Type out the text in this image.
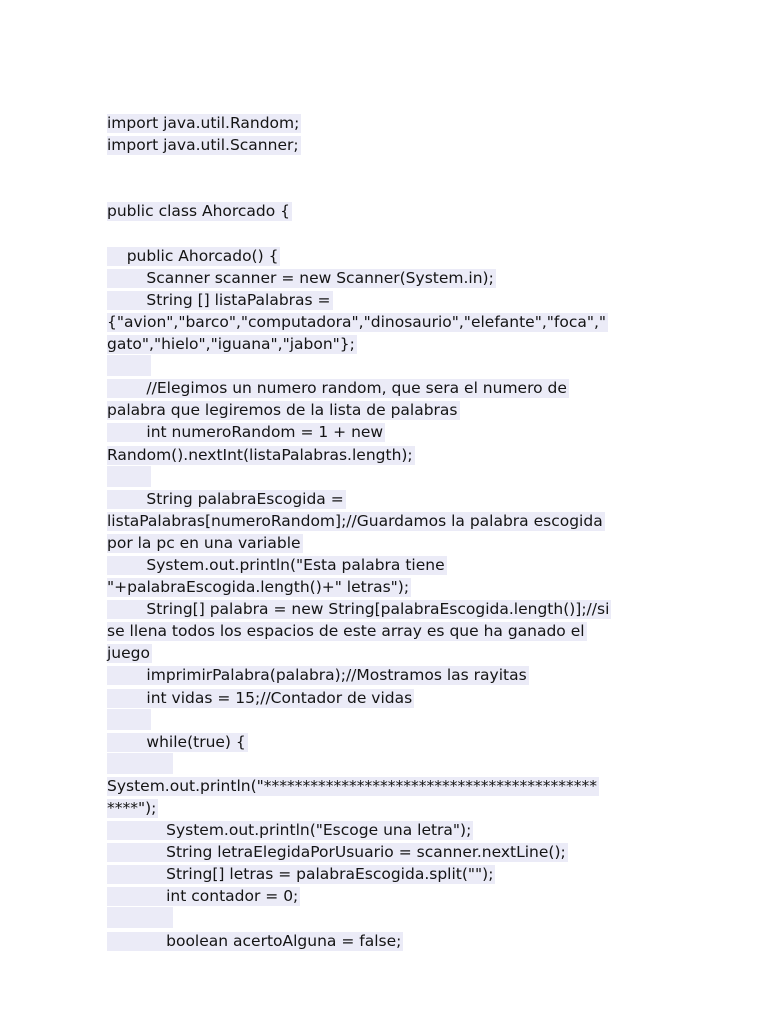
import java.util.Random;
import java.util.Scanner;
public class Ahorcado {
public Ahorcado() {
Scanner scanner = new Scanner(System.in);
String [] listaPalabras =
{"avion","barco","computadora","dinosaurio","elefante","foca","
gato","hielo","iguana","jabon"};
//Elegimos un numero random, que sera el numero de
palabra que legiremos de la lista de palabras
int numeroRandom = 1 + new
Random().nextInt(listaPalabras.length);
String palabraEscogida =
listaPalabras[numeroRandom];//Guardamos la palabra escogida
por la pc en una variable
System.out.println("Esta palabra tiene
"+palabraEscogida.length()+" letras");
String[] palabra = new String[palabraEscogida.length()];//si
se llena todos los espacios de este array es que ha ganado el
juego
imprimirPalabra(palabra);//Mostramos las rayitas
int vidas = 15;//Contador de vidas
while(true) {
System.out.println("*******************************************
****");
System.out.println("Escoge una letra");
String letraElegidaPorUsuario = scanner.nextLine();
String[] letras = palabraEscogida.split("");
int contador = 0;
boolean acertoAlguna = false;
